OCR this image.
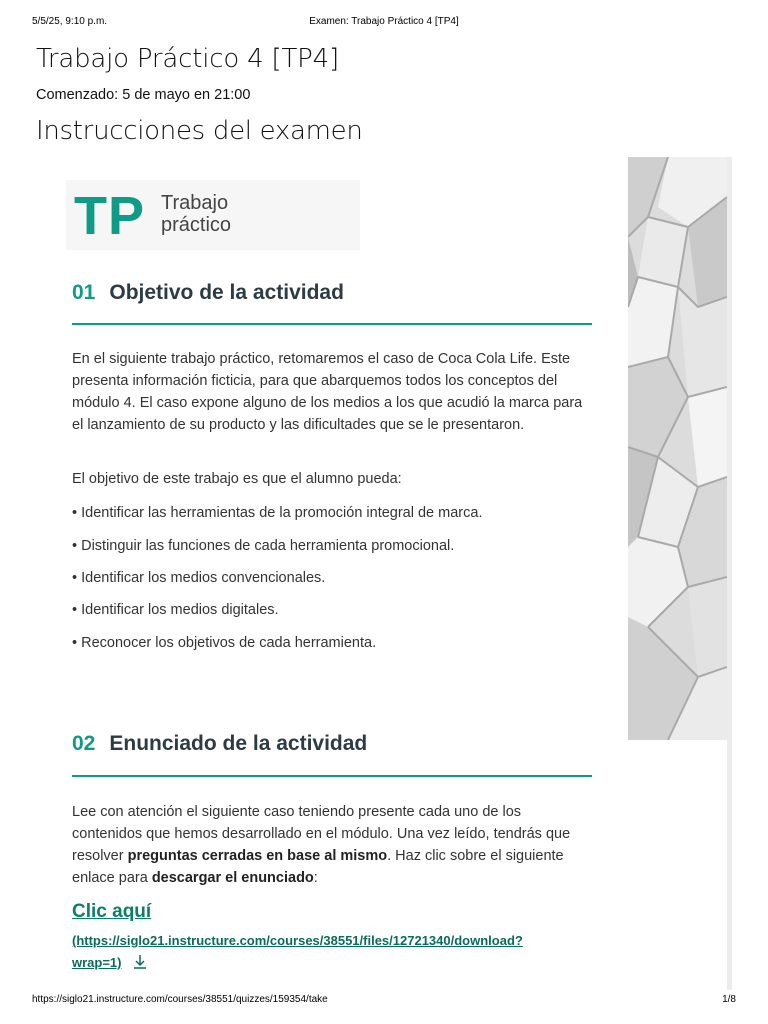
5/5/25, 9:10 p.m.	Examen: Trabajo Práctico 4 [TP4]
Trabajo Práctico 4 [TP4]
Comenzado: 5 de mayo en 21:00
Instrucciones del examen
TP Trabajo
práctico
01 Objetivo de la actividad

En el siguiente trabajo práctico, retomaremos el caso de Coca Cola Life. Este presenta información ficticia, para que abarquemos todos los conceptos del módulo 4. El caso expone alguno de los medios a los que acudió la marca para el lanzamiento de su producto y las dificultades que se le presentaron.

El objetivo de este trabajo es que el alumno pueda:

• Identificar las herramientas de la promoción integral de marca.
• Distinguir las funciones de cada herramienta promocional.
• Identificar los medios convencionales.
• Identificar los medios digitales.
• Reconocer los objetivos de cada herramienta.
02 Enunciado de la actividad

Lee con atención el siguiente caso teniendo presente cada uno de los contenidos que hemos desarrollado en el módulo. Una vez leído, tendrás que resolver preguntas cerradas en base al mismo. Haz clic sobre el siguiente enlace para descargar el enunciado:

Clic aquí
(https://siglo21.instructure.com/courses/38551/files/12721340/download?
wrap=1)
https://siglo21.instructure.com/courses/38551/quizzes/159354/take	1/8
